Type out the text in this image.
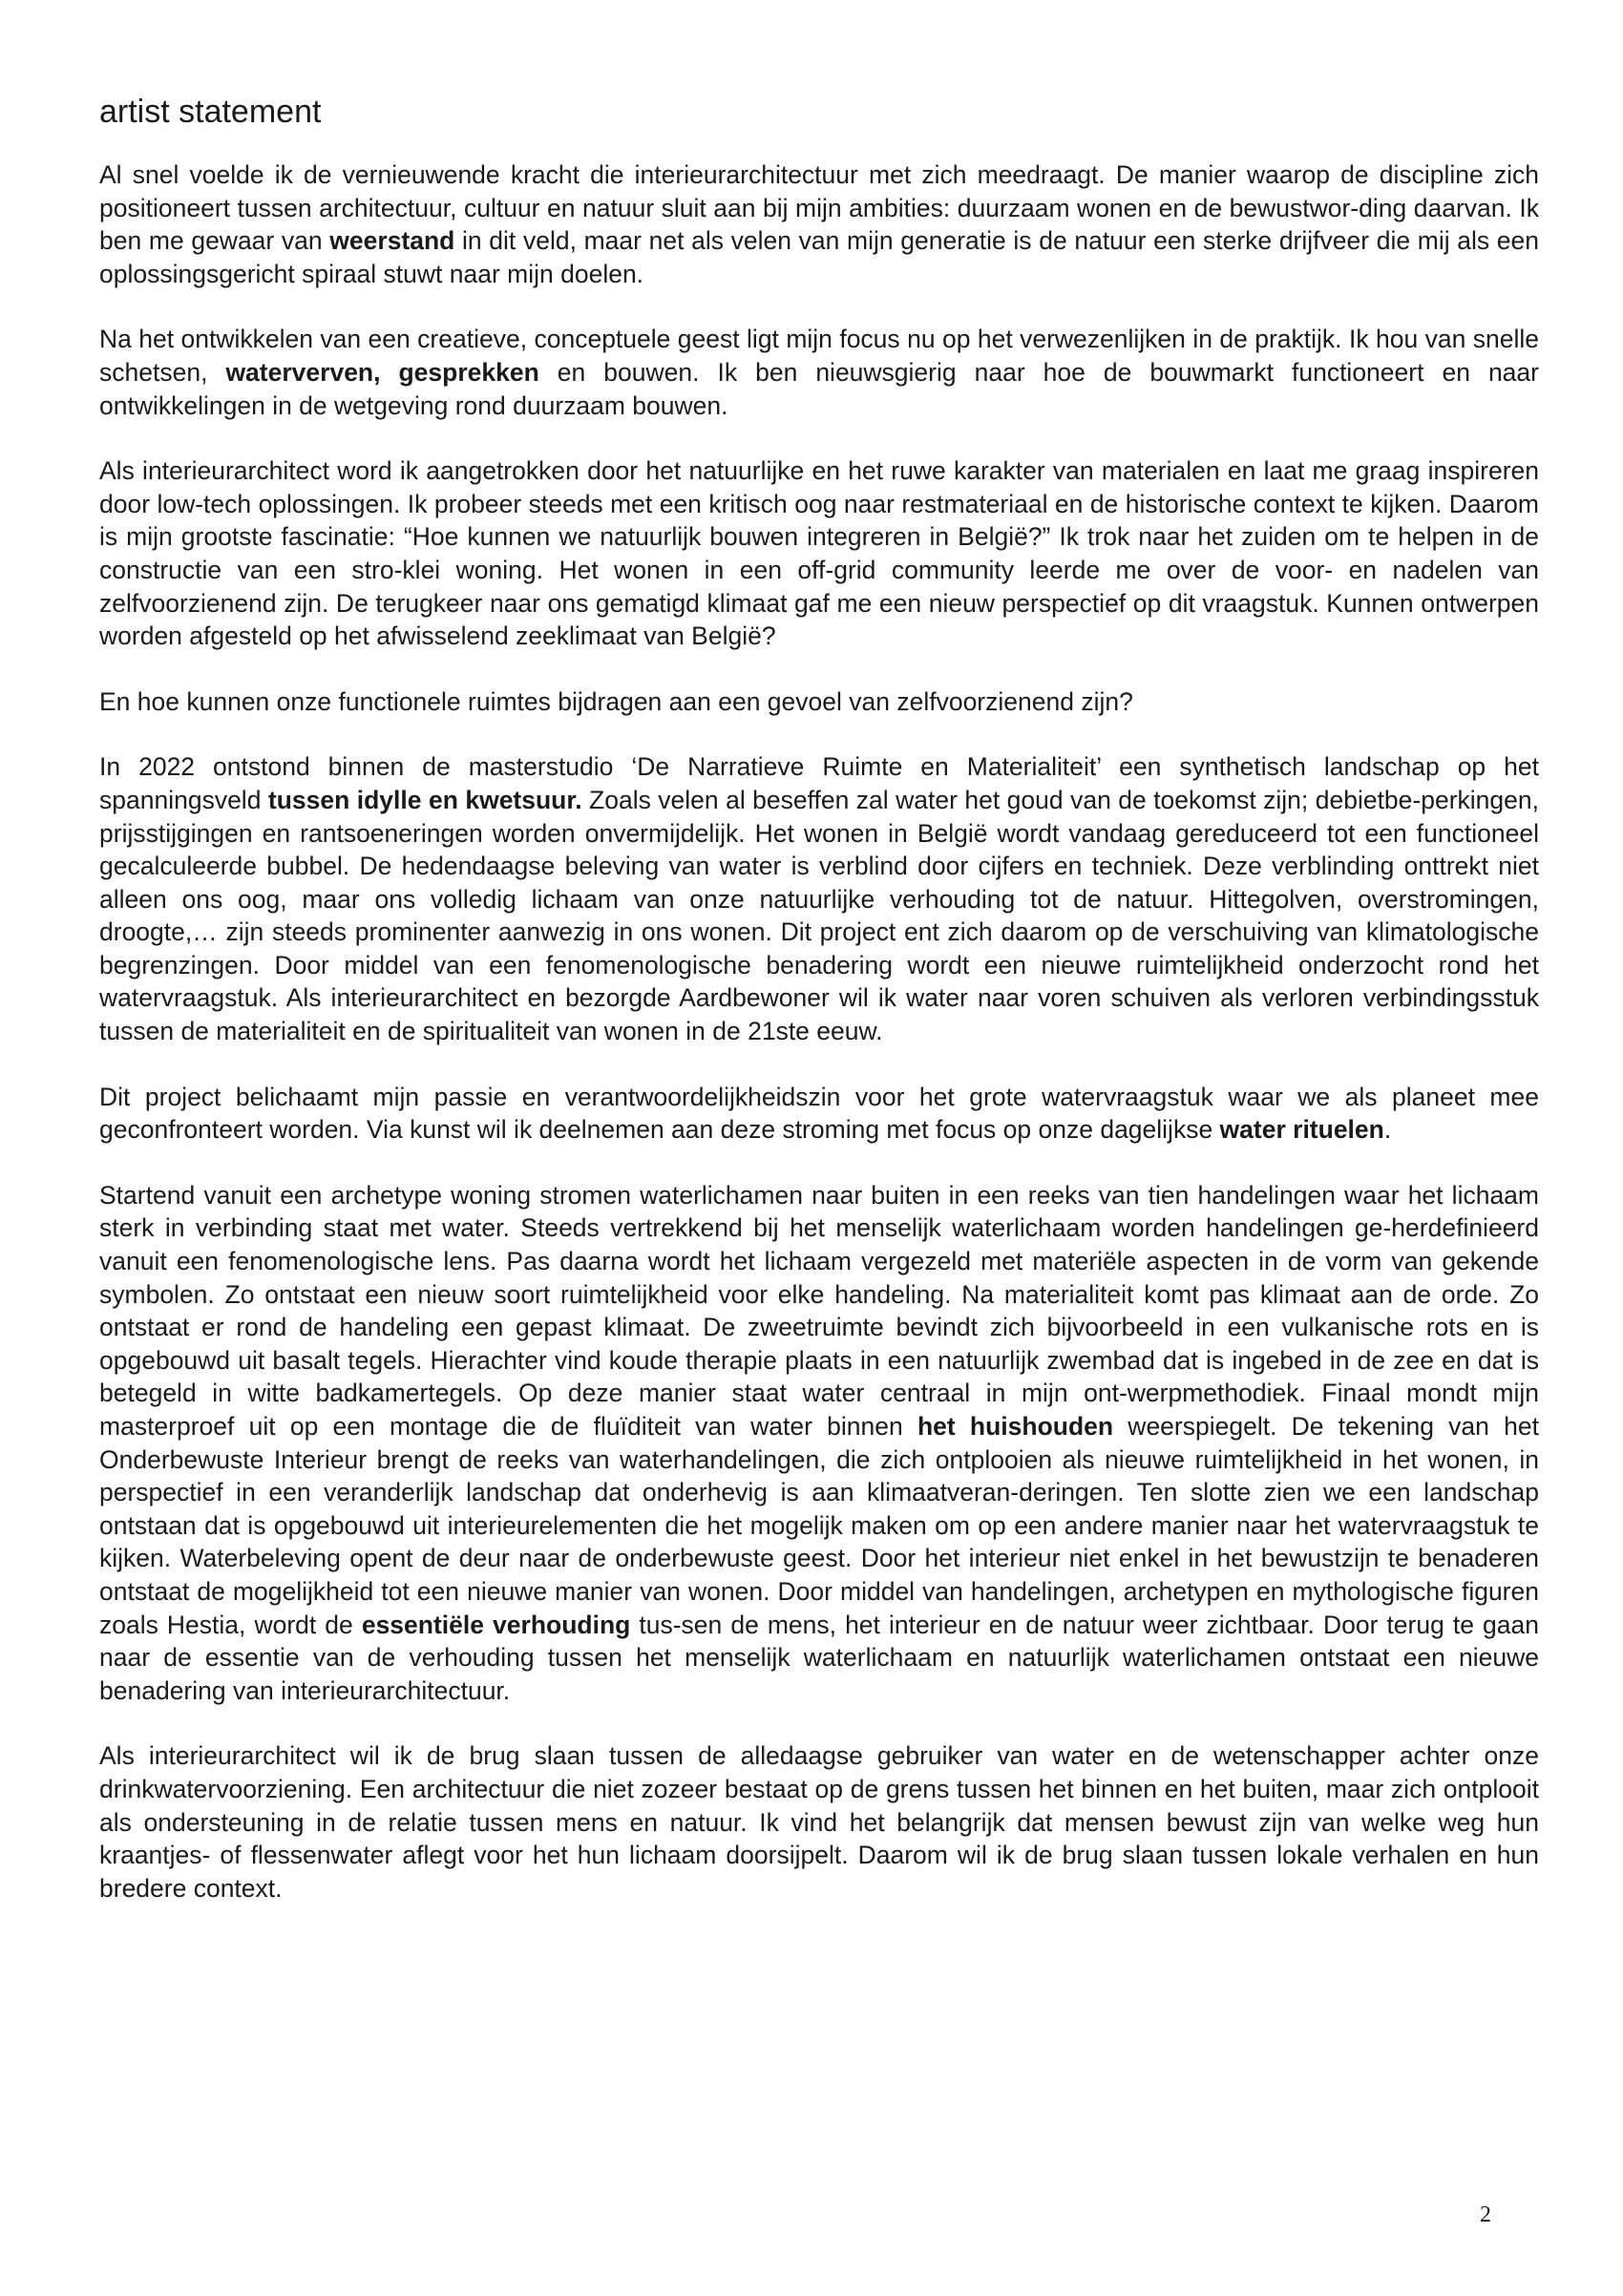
artist statement

Al snel voelde ik de vernieuwende kracht die interieurarchitectuur met zich meedraagt. De manier waarop de discipline zich positioneert tussen architectuur, cultuur en natuur sluit aan bij mijn ambities: duurzaam wonen en de bewustwor-ding daarvan. Ik ben me gewaar van weerstand in dit veld, maar net als velen van mijn generatie is de natuur een sterke drijfveer die mij als een oplossingsgericht spiraal stuwt naar mijn doelen.

Na het ontwikkelen van een creatieve, conceptuele geest ligt mijn focus nu op het verwezenlijken in de praktijk. Ik hou van snelle schetsen, waterverven, gesprekken en bouwen. Ik ben nieuwsgierig naar hoe de bouwmarkt functioneert en naar ontwikkelingen in de wetgeving rond duurzaam bouwen.

Als interieurarchitect word ik aangetrokken door het natuurlijke en het ruwe karakter van materialen en laat me graag inspireren door low-tech oplossingen. Ik probeer steeds met een kritisch oog naar restmateriaal en de historische context te kijken. Daarom is mijn grootste fascinatie: “Hoe kunnen we natuurlijk bouwen integreren in België?” Ik trok naar het zuiden om te helpen in de constructie van een stro-klei woning. Het wonen in een off-grid community leerde me over de voor- en nadelen van zelfvoorzienend zijn. De terugkeer naar ons gematigd klimaat gaf me een nieuw perspectief op dit vraagstuk. Kunnen ontwerpen worden afgesteld op het afwisselend zeeklimaat van België?

En hoe kunnen onze functionele ruimtes bijdragen aan een gevoel van zelfvoorzienend zijn?

In 2022 ontstond binnen de masterstudio ‘De Narratieve Ruimte en Materialiteit’ een synthetisch landschap op het spanningsveld tussen idylle en kwetsuur. Zoals velen al beseffen zal water het goud van de toekomst zijn; debietbe-perkingen, prijsstijgingen en rantsoeneringen worden onvermijdelijk. Het wonen in België wordt vandaag gereduceerd tot een functioneel gecalculeerde bubbel. De hedendaagse beleving van water is verblind door cijfers en techniek. Deze verblinding onttrekt niet alleen ons oog, maar ons volledig lichaam van onze natuurlijke verhouding tot de natuur. Hittegolven, overstromingen, droogte,… zijn steeds prominenter aanwezig in ons wonen. Dit project ent zich daarom op de verschuiving van klimatologische begrenzingen. Door middel van een fenomenologische benadering wordt een nieuwe ruimtelijkheid onderzocht rond het watervraagstuk. Als interieurarchitect en bezorgde Aardbewoner wil ik water naar voren schuiven als verloren verbindingsstuk tussen de materialiteit en de spiritualiteit van wonen in de 21ste eeuw.

Dit project belichaamt mijn passie en verantwoordelijkheidszin voor het grote watervraagstuk waar we als planeet mee geconfronteert worden. Via kunst wil ik deelnemen aan deze stroming met focus op onze dagelijkse water rituelen.

Startend vanuit een archetype woning stromen waterlichamen naar buiten in een reeks van tien handelingen waar het lichaam sterk in verbinding staat met water. Steeds vertrekkend bij het menselijk waterlichaam worden handelingen ge-herdefinieerd vanuit een fenomenologische lens. Pas daarna wordt het lichaam vergezeld met materiële aspecten in de vorm van gekende symbolen. Zo ontstaat een nieuw soort ruimtelijkheid voor elke handeling. Na materialiteit komt pas klimaat aan de orde. Zo ontstaat er rond de handeling een gepast klimaat. De zweetruimte bevindt zich bijvoorbeeld in een vulkanische rots en is opgebouwd uit basalt tegels. Hierachter vind koude therapie plaats in een natuurlijk zwembad dat is ingebed in de zee en dat is betegeld in witte badkamertegels. Op deze manier staat water centraal in mijn ont-werpmethodiek. Finaal mondt mijn masterproef uit op een montage die de fluïditeit van water binnen het huishouden weerspiegelt. De tekening van het Onderbewuste Interieur brengt de reeks van waterhandelingen, die zich ontplooien als nieuwe ruimtelijkheid in het wonen, in perspectief in een veranderlijk landschap dat onderhevig is aan klimaatveran-deringen. Ten slotte zien we een landschap ontstaan dat is opgebouwd uit interieurelementen die het mogelijk maken om op een andere manier naar het watervraagstuk te kijken. Waterbeleving opent de deur naar de onderbewuste geest. Door het interieur niet enkel in het bewustzijn te benaderen ontstaat de mogelijkheid tot een nieuwe manier van wonen. Door middel van handelingen, archetypen en mythologische figuren zoals Hestia, wordt de essentiële verhouding tus-sen de mens, het interieur en de natuur weer zichtbaar. Door terug te gaan naar de essentie van de verhouding tussen het menselijk waterlichaam en natuurlijk waterlichamen ontstaat een nieuwe benadering van interieurarchitectuur.

Als interieurarchitect wil ik de brug slaan tussen de alledaagse gebruiker van water en de wetenschapper achter onze drinkwatervoorziening. Een architectuur die niet zozeer bestaat op de grens tussen het binnen en het buiten, maar zich ontplooit als ondersteuning in de relatie tussen mens en natuur. Ik vind het belangrijk dat mensen bewust zijn van welke weg hun kraantjes- of flessenwater aflegt voor het hun lichaam doorsijpelt. Daarom wil ik de brug slaan tussen lokale verhalen en hun bredere context.

2
